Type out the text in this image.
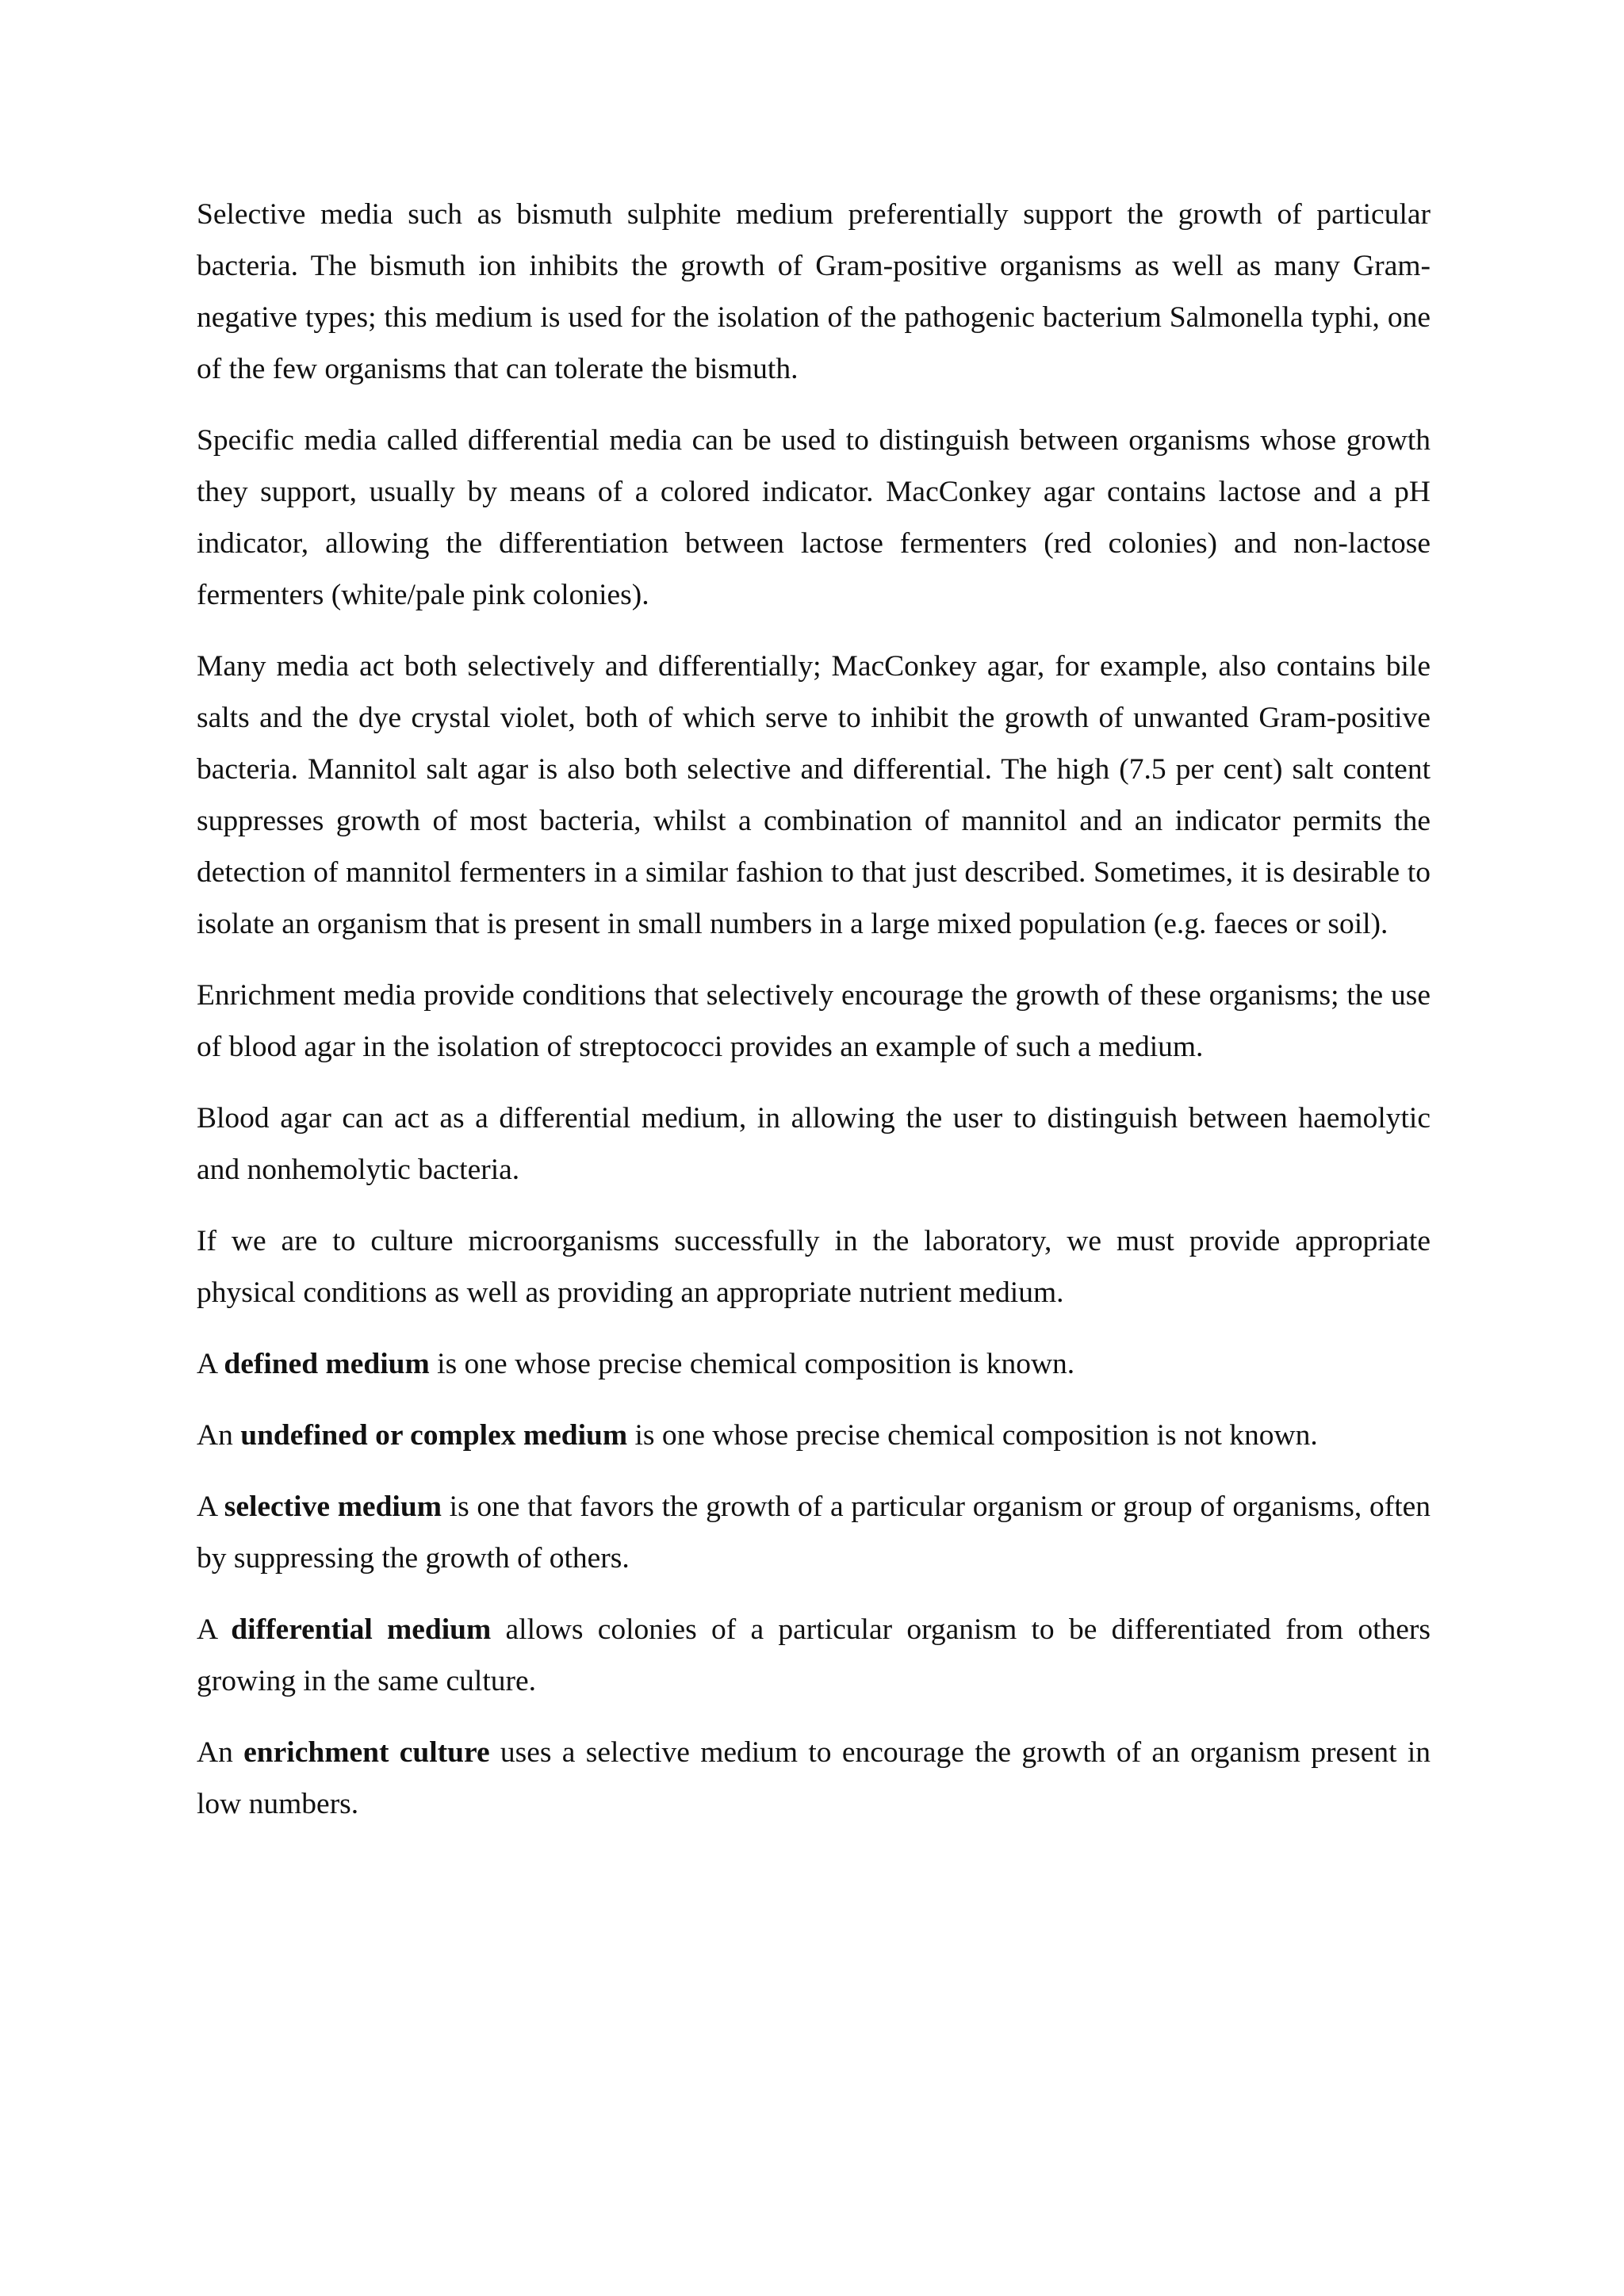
Selective media such as bismuth sulphite medium preferentially support the growth of particular bacteria. The bismuth ion inhibits the growth of Gram-positive organisms as well as many Gram-negative types; this medium is used for the isolation of the pathogenic bacterium Salmonella typhi, one of the few organisms that can tolerate the bismuth.

Specific media called differential media can be used to distinguish between organisms whose growth they support, usually by means of a colored indicator. MacConkey agar contains lactose and a pH indicator, allowing the differentiation between lactose fermenters (red colonies) and non-lactose fermenters (white/pale pink colonies).

Many media act both selectively and differentially; MacConkey agar, for example, also contains bile salts and the dye crystal violet, both of which serve to inhibit the growth of unwanted Gram-positive bacteria. Mannitol salt agar is also both selective and differential. The high (7.5 per cent) salt content suppresses growth of most bacteria, whilst a combination of mannitol and an indicator permits the detection of mannitol fermenters in a similar fashion to that just described. Sometimes, it is desirable to isolate an organism that is present in small numbers in a large mixed population (e.g. faeces or soil).

Enrichment media provide conditions that selectively encourage the growth of these organisms; the use of blood agar in the isolation of streptococci provides an example of such a medium.

Blood agar can act as a differential medium, in allowing the user to distinguish between haemolytic and nonhemolytic bacteria.

If we are to culture microorganisms successfully in the laboratory, we must provide appropriate physical conditions as well as providing an appropriate nutrient medium.

A defined medium is one whose precise chemical composition is known.

An undefined or complex medium is one whose precise chemical composition is not known.

A selective medium is one that favors the growth of a particular organism or group of organisms, often by suppressing the growth of others.

A differential medium allows colonies of a particular organism to be differentiated from others growing in the same culture.

An enrichment culture uses a selective medium to encourage the growth of an organism present in low numbers.
